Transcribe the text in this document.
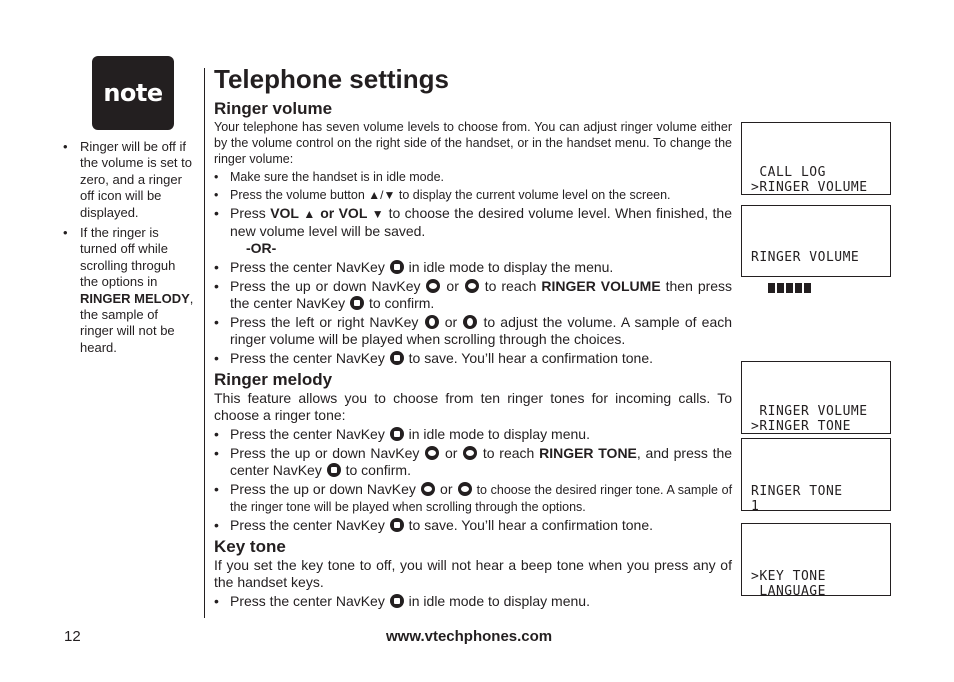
note
• Ringer will be off if the volume is set to zero, and a ringer off icon will be displayed.
• If the ringer is turned off while scrolling throguh the options in RINGER MELODY, the sample of ringer will not be heard.
Telephone settings
Ringer volume

Your telephone has seven volume levels to choose from. You can adjust ringer volume either by the volume control on the right side of the handset, or in the handset menu. To change the ringer volume:

• Make sure the handset is in idle mode.
• Press the volume button ▲/▼ to display the current volume level on the screen.
• Press VOL ▲ or VOL ▼ to choose the desired volume level. When finished, the new volume level will be saved.
-OR-
• Press the center NavKey in idle mode to display the menu.
• Press the up or down NavKey or to reach RINGER VOLUME then press the center NavKey to confirm.
• Press the left or right NavKey or to adjust the volume. A sample of each ringer volume will be played when scrolling through the choices.
• Press the center NavKey to save. You’ll hear a confirmation tone.
Ringer melody

This feature allows you to choose from ten ringer tones for incoming calls. To choose a ringer tone:

• Press the center NavKey in idle mode to display menu.
• Press the up or down NavKey or to reach RINGER TONE, and press the center NavKey to confirm.
• Press the up or down NavKey or to choose the desired ringer tone. A sample of the ringer tone will be played when scrolling through the options.
• Press the center NavKey to save. You’ll hear a confirmation tone.
Key tone

If you set the key tone to off, you will not hear a beep tone when you press any of the handset keys.

• Press the center NavKey in idle mode to display menu.

CALL LOG
>RINGER VOLUME

RINGER VOLUME

RINGER VOLUME
>RINGER TONE

RINGER TONE
1

>KEY TONE
LANGUAGE

12	www.vtechphones.com
